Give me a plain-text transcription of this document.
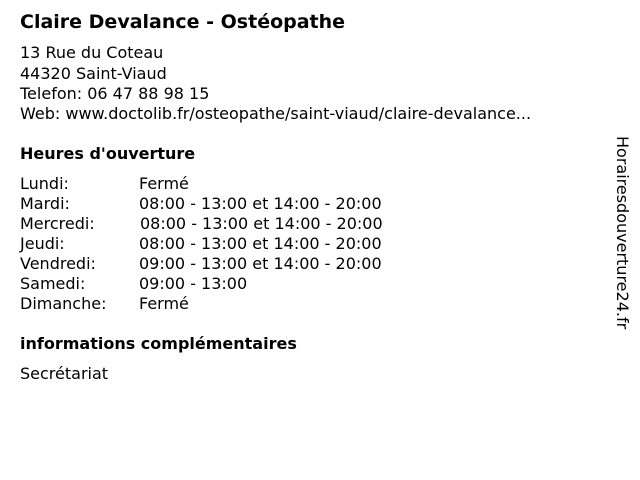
Claire Devalance - Ostéopathe
13 Rue du Coteau
44320 Saint-Viaud
Telefon: 06 47 88 98 15
Web: www.doctolib.fr/osteopathe/saint-viaud/claire-devalance...
Heures d'ouverture
Lundi:	Fermé
Mardi:	08:00 - 13:00 et 14:00 - 20:00
Mercredi:	08:00 - 13:00 et 14:00 - 20:00
Jeudi:	08:00 - 13:00 et 14:00 - 20:00
Vendredi:	09:00 - 13:00 et 14:00 - 20:00
Samedi:	09:00 - 13:00
Dimanche: Fermé
informations complémentaires
Secrétariat
Horairesdouverture24.fr
